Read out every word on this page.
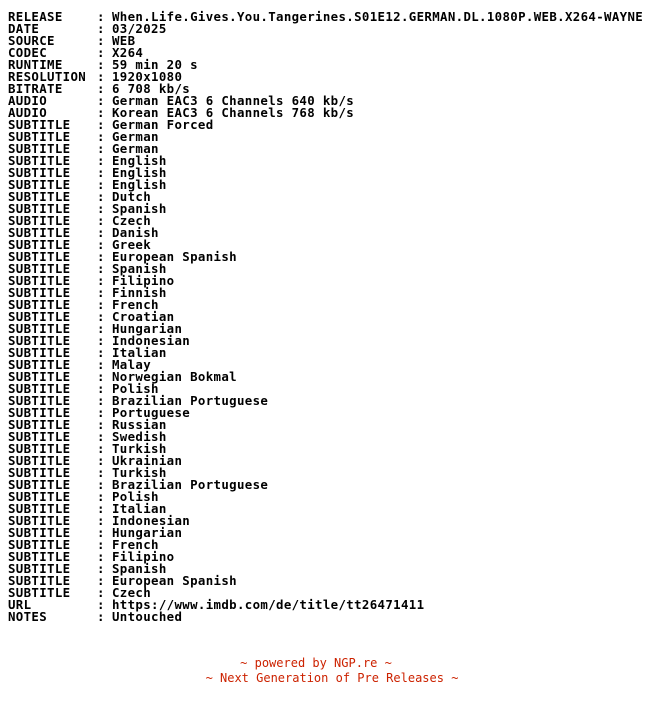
RELEASE	: When.Life.Gives.You.Tangerines.S01E12.GERMAN.DL.1080P.WEB.X264-WAYNE
DATE	: 03/2025
SOURCE	: WEB
CODEC	: X264
RUNTIME	: 59 min 20 s
RESOLUTION : 1920x1080
BITRATE	: 6 708 kb/s
AUDIO	: German EAC3 6 Channels 640 kb/s
AUDIO	: Korean EAC3 6 Channels 768 kb/s
SUBTITLE	: German Forced
SUBTITLE	: German
SUBTITLE	: German
SUBTITLE	: English
SUBTITLE	: English
SUBTITLE	: English
SUBTITLE	: Dutch
SUBTITLE	: Spanish
SUBTITLE	: Czech
SUBTITLE	: Danish
SUBTITLE	: Greek
SUBTITLE	: European Spanish
SUBTITLE	: Spanish
SUBTITLE	: Filipino
SUBTITLE	: Finnish
SUBTITLE	: French
SUBTITLE	: Croatian
SUBTITLE	: Hungarian
SUBTITLE	: Indonesian
SUBTITLE	: Italian
SUBTITLE	: Malay
SUBTITLE	: Norwegian Bokmal
SUBTITLE	: Polish
SUBTITLE	: Brazilian Portuguese
SUBTITLE	: Portuguese
SUBTITLE	: Russian
SUBTITLE	: Swedish
SUBTITLE	: Turkish
SUBTITLE	: Ukrainian
SUBTITLE	: Turkish
SUBTITLE	: Brazilian Portuguese
SUBTITLE	: Polish
SUBTITLE	: Italian
SUBTITLE	: Indonesian
SUBTITLE	: Hungarian
SUBTITLE	: French
SUBTITLE	: Filipino
SUBTITLE	: Spanish
SUBTITLE	: European Spanish
SUBTITLE	: Czech
URL	: https://www.imdb.com/de/title/tt26471411
NOTES	: Untouched
~ powered by NGP.re ~
~ Next Generation of Pre Releases ~
